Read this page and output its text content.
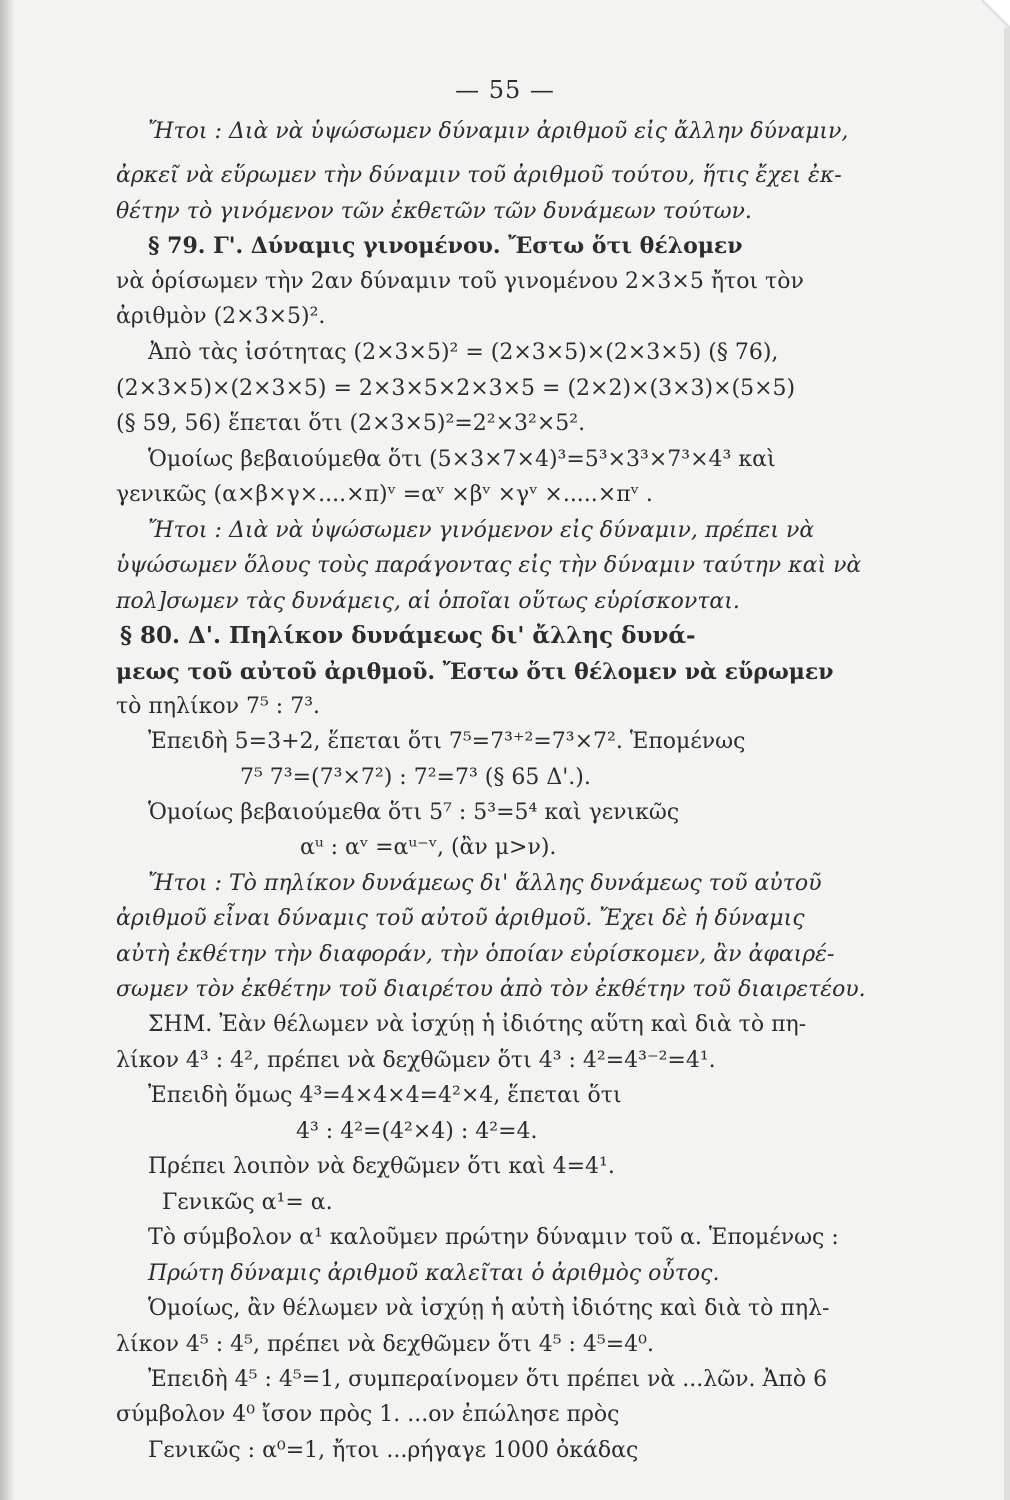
— 55 —
Ἤτοι : Διὰ νὰ ὑψώσωμεν δύναμιν ἀριθμοῦ εἰς ἄλλην δύναμιν,
ἀρκεῖ νὰ εὕρωμεν τὴν δύναμιν τοῦ ἀριθμοῦ τούτου, ἥτις ἔχει ἐκ-
θέτην τὸ γινόμενον τῶν ἐκθετῶν τῶν δυνάμεων τούτων.
§ 79. Γ'. Δύναμις γινομένου. Ἔστω ὅτι θέλομεν
νὰ ὁρίσωμεν τὴν 2αν δύναμιν τοῦ γινομένου 2×3×5 ἤτοι τὸν
ἀριθμὸν (2×3×5)².
Ἀπὸ τὰς ἰσότητας (2×3×5)² = (2×3×5)×(2×3×5) (§ 76),
(2×3×5)×(2×3×5) = 2×3×5×2×3×5 = (2×2)×(3×3)×(5×5)
(§ 59, 56) ἕπεται ὅτι (2×3×5)²=2²×3²×5².
Ὁμοίως βεβαιούμεθα ὅτι (5×3×7×4)³=5³×3³×7³×4³ καὶ
γενικῶς (α×β×γ×....×π)ᵛ =αᵛ ×βᵛ ×γᵛ ×.....×πᵛ .
Ἤτοι : Διὰ νὰ ὑψώσωμεν γινόμενον εἰς δύναμιν, πρέπει νὰ
ὑψώσωμεν ὅλους τοὺς παράγοντας εἰς τὴν δύναμιν ταύτην καὶ νὰ
πολ]σωμεν τὰς δυνάμεις, αἱ ὁποῖαι οὕτως εὑρίσκονται.
§ 80. Δ'. Πηλίκον δυνάμεως δι' ἄλλης δυνά-
μεως τοῦ αὐτοῦ ἀριθμοῦ. Ἔστω ὅτι θέλομεν νὰ εὕρωμεν
τὸ πηλίκον 7⁵ : 7³.
Ἐπειδὴ 5=3+2, ἕπεται ὅτι 7⁵=7³⁺²=7³×7². Ἑπομένως
7⁵ 7³=(7³×7²) : 7²=7³ (§ 65 Δ'.).
Ὁμοίως βεβαιούμεθα ὅτι 5⁷ : 5³=5⁴ καὶ γενικῶς
αᵘ : αᵛ =αᵘ⁻ᵛ, (ἂν μ>ν).
Ἤτοι : Τὸ πηλίκον δυνάμεως δι' ἄλλης δυνάμεως τοῦ αὐτοῦ
ἀριθμοῦ εἶναι δύναμις τοῦ αὐτοῦ ἀριθμοῦ. Ἔχει δὲ ἡ δύναμις
αὐτὴ ἐκθέτην τὴν διαφοράν, τὴν ὁποίαν εὑρίσκομεν, ἂν ἀφαιρέ-
σωμεν τὸν ἐκθέτην τοῦ διαιρέτου ἀπὸ τὸν ἐκθέτην τοῦ διαιρετέου.
ΣΗΜ. Ἐὰν θέλωμεν νὰ ἰσχύῃ ἡ ἰδιότης αὕτη καὶ διὰ τὸ πη-
λίκον 4³ : 4², πρέπει νὰ δεχθῶμεν ὅτι 4³ : 4²=4³⁻²=4¹.
Ἐπειδὴ ὅμως 4³=4×4×4=4²×4, ἕπεται ὅτι
4³ : 4²=(4²×4) : 4²=4.
Πρέπει λοιπὸν νὰ δεχθῶμεν ὅτι καὶ 4=4¹.
Γενικῶς α¹= α.
Τὸ σύμβολον α¹ καλοῦμεν πρώτην δύναμιν τοῦ α. Ἑπομένως :
Πρώτη δύναμις ἀριθμοῦ καλεῖται ὁ ἀριθμὸς οὗτος.
Ὁμοίως, ἂν θέλωμεν νὰ ἰσχύῃ ἡ αὐτὴ ἰδιότης καὶ διὰ τὸ πηλ-
λίκον 4⁵ : 4⁵, πρέπει νὰ δεχθῶμεν ὅτι 4⁵ : 4⁵=4⁰.
Ἐπειδὴ 4⁵ : 4⁵=1, συμπεραίνομεν ὅτι πρέπει νὰ ...λῶν. Ἀπὸ 6
σύμβολον 4⁰ ἴσον πρὸς 1. ...ον ἐπώλησε πρὸς
Γενικῶς : α⁰=1, ἤτοι ...ρήγαγε 1000 ὀκάδας
